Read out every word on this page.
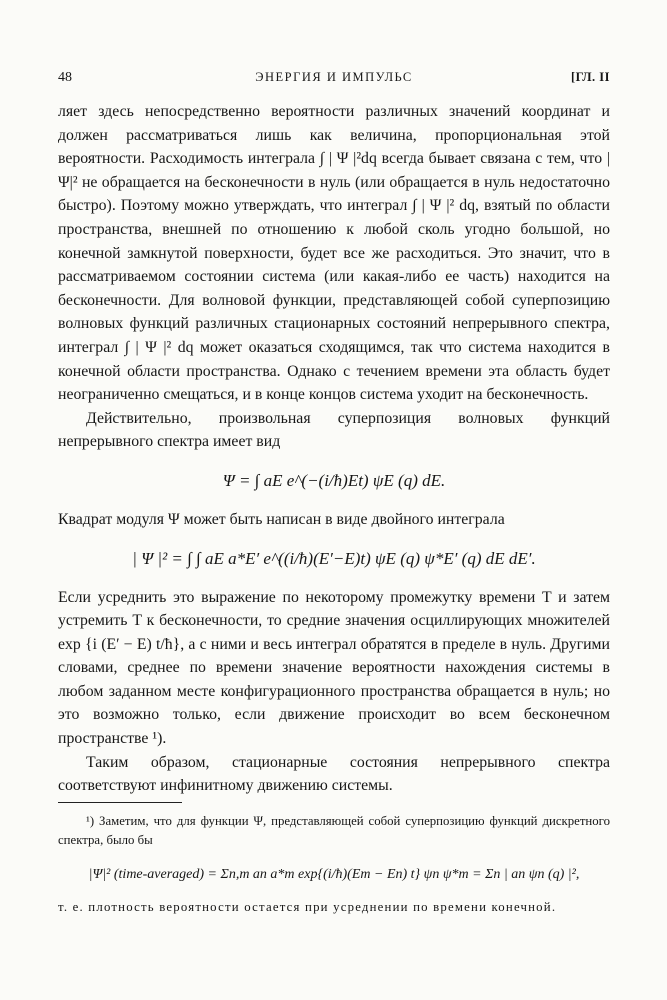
48	ЭНЕРГИЯ И ИМПУЛЬС	[ГЛ. II

ляет здесь непосредственно вероятности различных значений координат и должен рассматриваться лишь как величина, пропорциональная этой вероятности. Расходимость интеграла ∫ | Ψ |²dq всегда бывает связана с тем, что |Ψ|² не обращается на бесконечности в нуль (или обращается в нуль недостаточно быстро). Поэтому можно утверждать, что интеграл ∫ | Ψ |² dq, взятый по области пространства, внешней по отношению к любой сколь угодно большой, но конечной замкнутой поверхности, будет все же расходиться. Это значит, что в рассматриваемом состоянии система (или какая-либо ее часть) находится на бесконечности. Для волновой функции, представляющей собой суперпозицию волновых функций различных стационарных состояний непрерывного спектра, интеграл ∫ | Ψ |² dq может оказаться сходящимся, так что система находится в конечной области пространства. Однако с течением времени эта область будет неограниченно смещаться, и в конце концов система уходит на бесконечность.

Действительно, произвольная суперпозиция волновых функций непрерывного спектра имеет вид

Ψ = ∫ aE e^(−(i/ħ)Et) ψE (q) dE.

Квадрат модуля Ψ может быть написан в виде двойного интеграла

| Ψ |² = ∫ ∫ aE a*E′ e^((i/ħ)(E′−E)t) ψE (q) ψ*E′ (q) dE dE′.

Если усреднить это выражение по некоторому промежутку времени T и затем устремить T к бесконечности, то средние значения осциллирующих множителей exp {i (E′ − E) t/ħ}, а с ними и весь интеграл обратятся в пределе в нуль. Другими словами, среднее по времени значение вероятности нахождения системы в любом заданном месте конфигурационного пространства обращается в нуль; но это возможно только, если движение происходит во всем бесконечном пространстве ¹).

Таким образом, стационарные состояния непрерывного спектра соответствуют инфинитному движению системы.

¹) Заметим, что для функции Ψ, представляющей собой суперпозицию функций дискретного спектра, было бы

|Ψ|² (time-averaged) = Σn,m an a*m exp{(i/ħ)(Em − En) t} ψn ψ*m = Σn | an ψn (q) |²,

т. е. плотность вероятности остается при усреднении по времени конечной.
